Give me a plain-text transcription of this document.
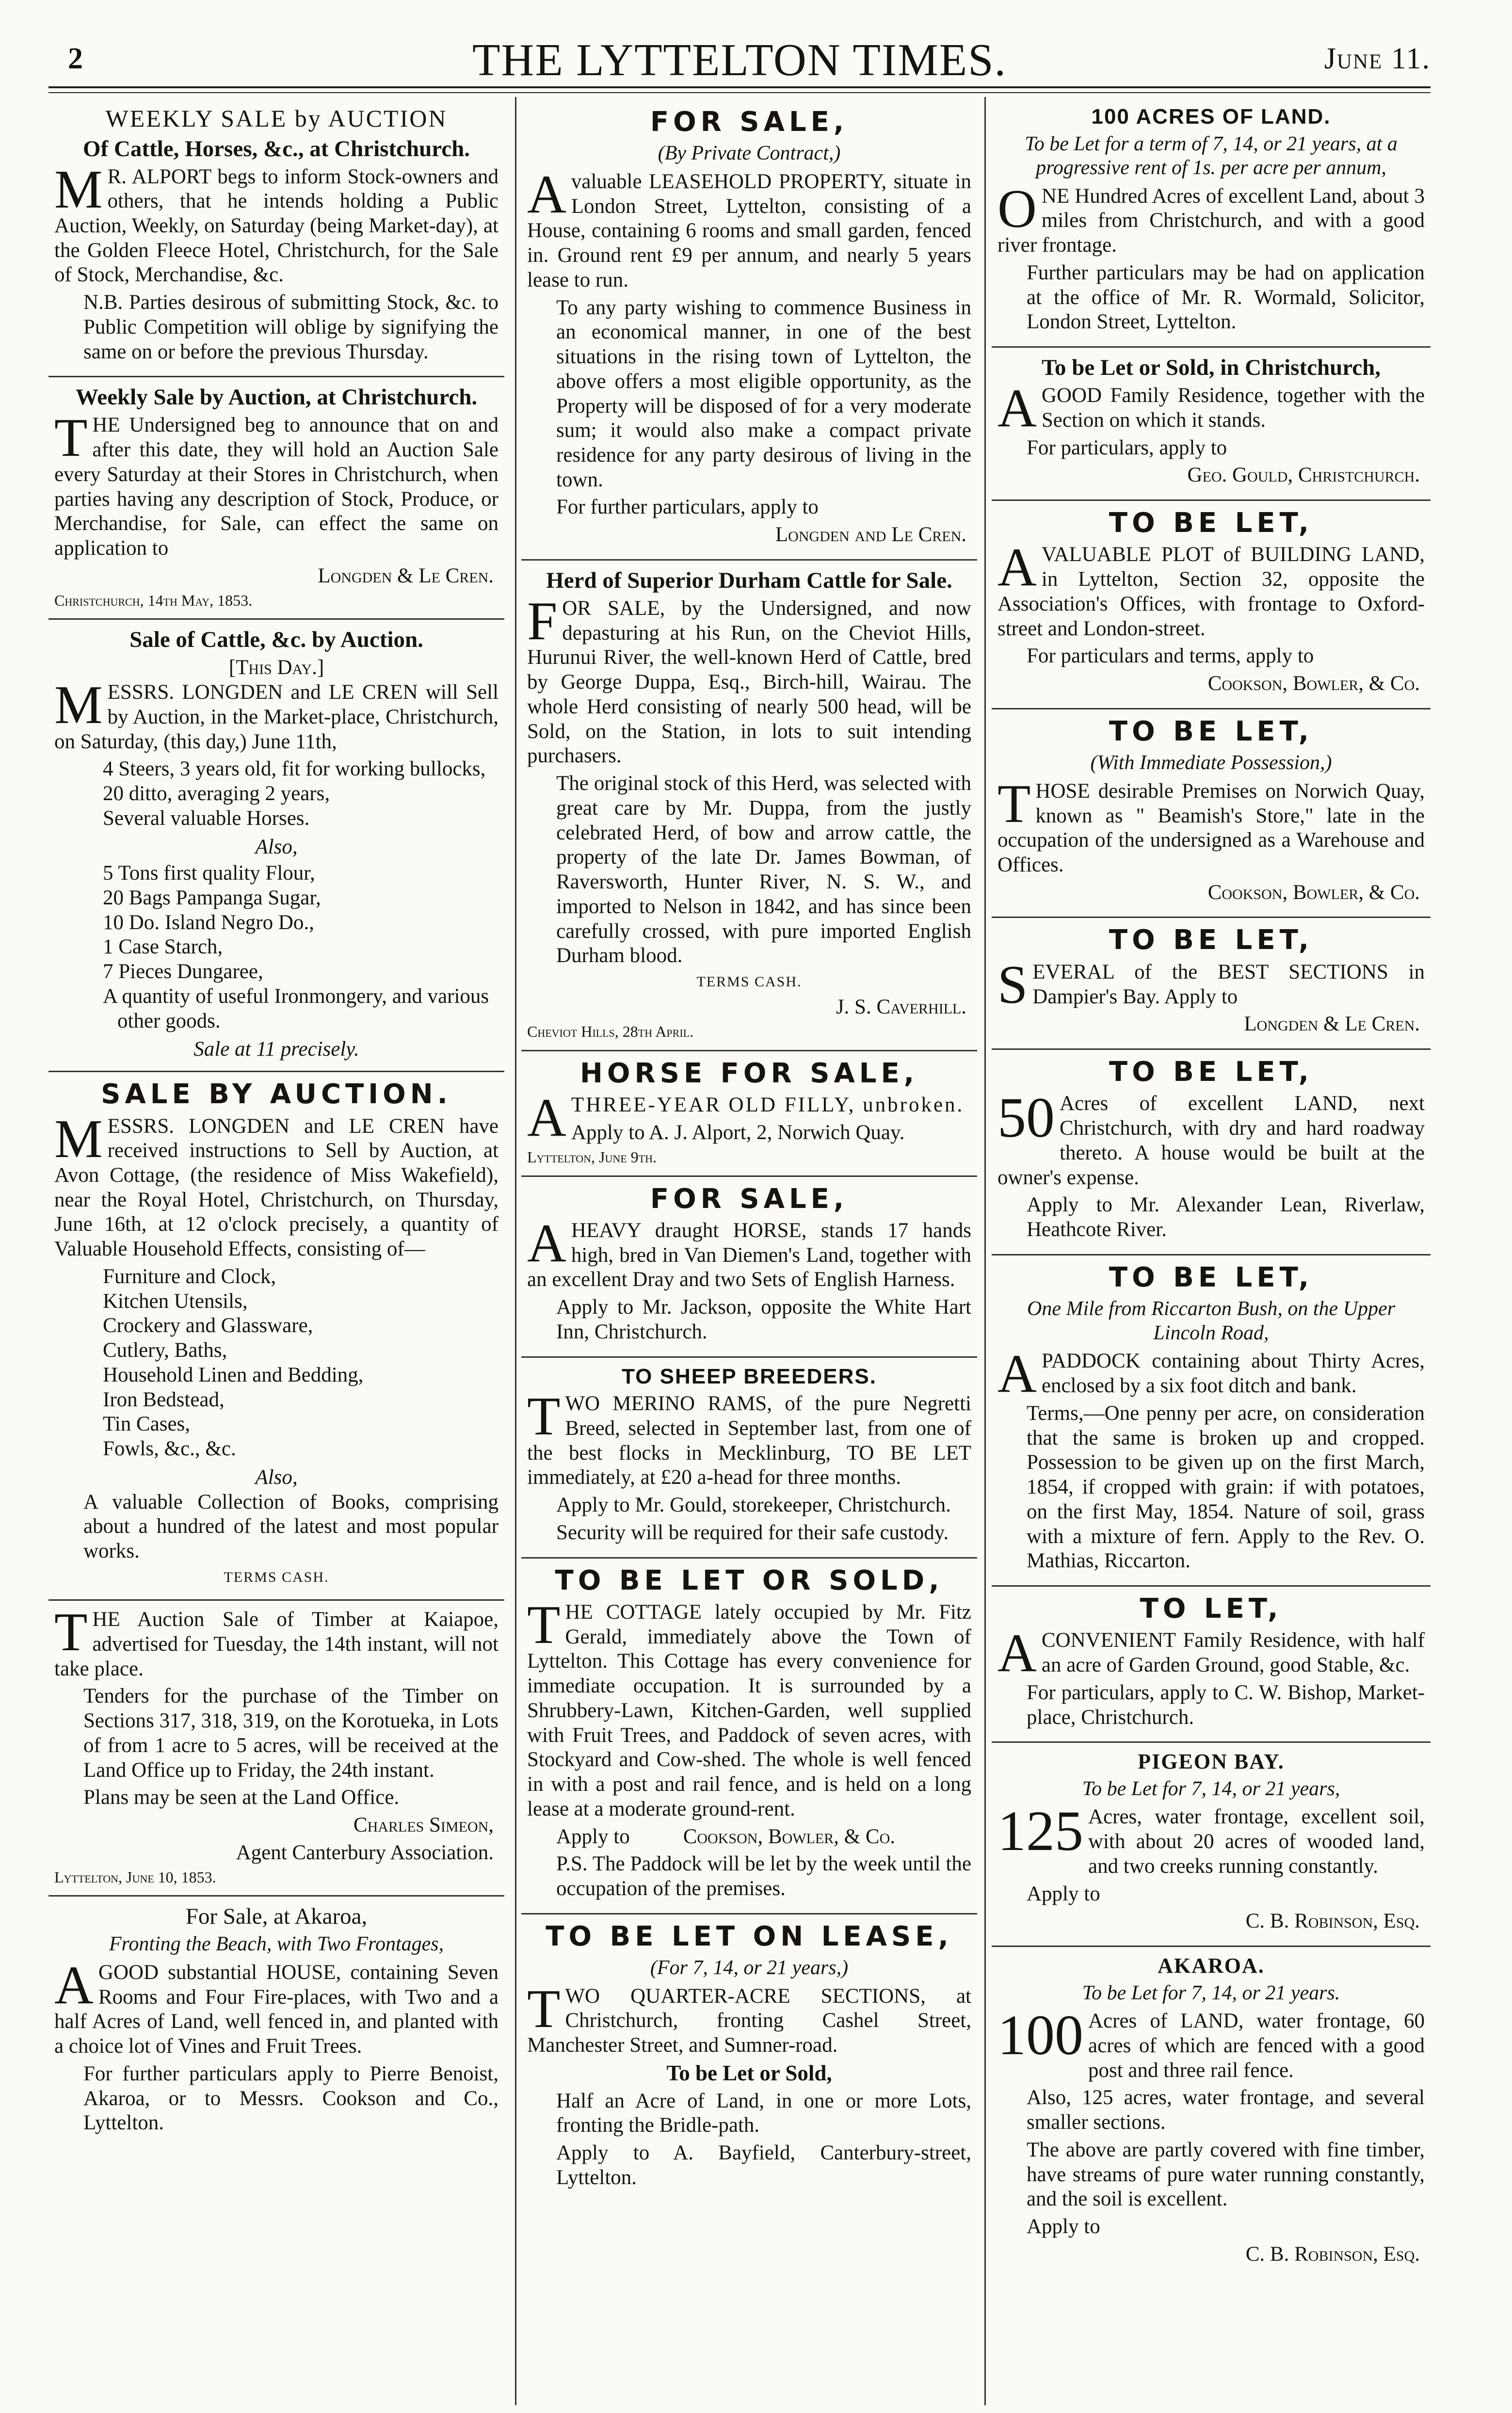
2	THE LYTTELTON TIMES.	June 11.
WEEKLY SALE by AUCTION
Of Cattle, Horses, &c., at Christchurch.

M R. ALPORT begs to inform Stock-owners and others, that he intends holding a Public Auction, Weekly, on Saturday (being Market-day), at the Golden Fleece Hotel, Christchurch, for the Sale of Stock, Merchandise, &c.

N.B. Parties desirous of submitting Stock, &c. to Public Competition will oblige by signifying the same on or before the previous Thursday.

Weekly Sale by Auction, at Christchurch.

THE Undersigned beg to announce that on and after this date, they will hold an Auction Sale every Saturday at their Stores in Christchurch, when parties having any description of Stock, Produce, or Merchandise, for Sale, can effect the same on application to

Longden & Le Cren.
Christchurch, 14th May, 1853.
Sale of Cattle, &c. by Auction.
[This Day.]

MESSRS. LONGDEN and LE CREN will Sell by Auction, in the Market-place, Christchurch, on Saturday, (this day,) June 11th,

4 Steers, 3 years old, fit for working bullocks,
20 ditto, averaging 2 years,
Several valuable Horses.
Also,
5 Tons first quality Flour,
20 Bags Pampanga Sugar,
10 Do. Island Negro Do.,
1 Case Starch,
7 Pieces Dungaree,
A quantity of useful Ironmongery, and various other goods.
Sale at 11 precisely.
SALE BY AUCTION.

MESSRS. LONGDEN and LE CREN have received instructions to Sell by Auction, at Avon Cottage, (the residence of Miss Wakefield), near the Royal Hotel, Christchurch, on Thursday, June 16th, at 12 o'clock precisely, a quantity of Valuable Household Effects, consisting of—

Furniture and Clock,
Kitchen Utensils,
Crockery and Glassware,
Cutlery, Baths,
Household Linen and Bedding,
Iron Bedstead,
Tin Cases,
Fowls, &c., &c.
Also,

A valuable Collection of Books, comprising about a hundred of the latest and most popular works.

TERMS CASH.

THE Auction Sale of Timber at Kaiapoe, advertised for Tuesday, the 14th instant, will not take place.

Tenders for the purchase of the Timber on Sections 317, 318, 319, on the Korotueka, in Lots of from 1 acre to 5 acres, will be received at the Land Office up to Friday, the 24th instant.

Plans may be seen at the Land Office.

Charles Simeon,
Agent Canterbury Association.
Lyttelton, June 10, 1853.
For Sale, at Akaroa,
Fronting the Beach, with Two Frontages,

AGOOD substantial HOUSE, containing Seven Rooms and Four Fire-places, with Two and a half Acres of Land, well fenced in, and planted with a choice lot of Vines and Fruit Trees.

For further particulars apply to Pierre Benoist, Akaroa, or to Messrs. Cookson and Co., Lyttelton.

FOR SALE,
(By Private Contract,)

Avaluable LEASEHOLD PROPERTY, situate in London Street, Lyttelton, consisting of a House, containing 6 rooms and small garden, fenced in. Ground rent £9 per annum, and nearly 5 years lease to run.

To any party wishing to commence Business in an economical manner, in one of the best situations in the rising town of Lyttelton, the above offers a most eligible opportunity, as the Property will be disposed of for a very moderate sum; it would also make a compact private residence for any party desirous of living in the town.

For further particulars, apply to

Longden and Le Cren.
Herd of Superior Durham Cattle for Sale.

FOR SALE, by the Undersigned, and now depasturing at his Run, on the Cheviot Hills, Hurunui River, the well-known Herd of Cattle, bred by George Duppa, Esq., Birch-hill, Wairau. The whole Herd consisting of nearly 500 head, will be Sold, on the Station, in lots to suit intending purchasers.

The original stock of this Herd, was selected with great care by Mr. Duppa, from the justly celebrated Herd, of bow and arrow cattle, the property of the late Dr. James Bowman, of Raversworth, Hunter River, N. S. W., and imported to Nelson in 1842, and has since been carefully crossed, with pure imported English Durham blood.

TERMS CASH.
J. S. Caverhill.
Cheviot Hills, 28th April.
HORSE FOR SALE,

ATHREE-YEAR OLD FILLY, unbroken.

Apply to A. J. Alport, 2, Norwich Quay.

Lyttelton, June 9th.
FOR SALE,

AHEAVY draught HORSE, stands 17 hands high, bred in Van Diemen's Land, together with an excellent Dray and two Sets of English Harness.

Apply to Mr. Jackson, opposite the White Hart Inn, Christchurch.

TO SHEEP BREEDERS.

TWO MERINO RAMS, of the pure Negretti Breed, selected in September last, from one of the best flocks in Mecklinburg, TO BE LET immediately, at £20 a-head for three months.

Apply to Mr. Gould, storekeeper, Christchurch.

Security will be required for their safe custody.

TO BE LET OR SOLD,

THE COTTAGE lately occupied by Mr. Fitz Gerald, immediately above the Town of Lyttelton. This Cottage has every convenience for immediate occupation. It is surrounded by a Shrubbery-Lawn, Kitchen-Garden, well supplied with Fruit Trees, and Paddock of seven acres, with Stockyard and Cow-shed. The whole is well fenced in with a post and rail fence, and is held on a long lease at a moderate ground-rent.

Apply to	Cookson, Bowler, & Co.

P.S. The Paddock will be let by the week until the occupation of the premises.

TO BE LET ON LEASE,
(For 7, 14, or 21 years,)

TWO QUARTER-ACRE SECTIONS, at Christchurch, fronting Cashel Street, Manchester Street, and Sumner-road.

To be Let or Sold,

Half an Acre of Land, in one or more Lots, fronting the Bridle-path.

Apply to A. Bayfield, Canterbury-street, Lyttelton.

100 ACRES OF LAND.
To be Let for a term of 7, 14, or 21 years, at a progressive rent of 1s. per acre per annum,

ONE Hundred Acres of excellent Land, about 3 miles from Christchurch, and with a good river frontage.

Further particulars may be had on application at the office of Mr. R. Wormald, Solicitor, London Street, Lyttelton.

To be Let or Sold, in Christchurch,

AGOOD Family Residence, together with the Section on which it stands.

For particulars, apply to

Geo. Gould, Christchurch.
TO BE LET,

AVALUABLE PLOT of BUILDING LAND, in Lyttelton, Section 32, opposite the Association's Offices, with frontage to Oxford-street and London-street.

For particulars and terms, apply to

Cookson, Bowler, & Co.
TO BE LET,
(With Immediate Possession,)

THOSE desirable Premises on Norwich Quay, known as " Beamish's Store," late in the occupation of the undersigned as a Warehouse and Offices.

Cookson, Bowler, & Co.
TO BE LET,

SEVERAL of the BEST SECTIONS in Dampier's Bay. Apply to

Longden & Le Cren.
TO BE LET,

50 Acres of excellent LAND, next Christchurch, with dry and hard roadway thereto. A house would be built at the owner's expense.

Apply to Mr. Alexander Lean, Riverlaw, Heathcote River.

TO BE LET,
One Mile from Riccarton Bush, on the Upper Lincoln Road,

APADDOCK containing about Thirty Acres, enclosed by a six foot ditch and bank.

Terms,—One penny per acre, on consideration that the same is broken up and cropped. Possession to be given up on the first March, 1854, if cropped with grain: if with potatoes, on the first May, 1854. Nature of soil, grass with a mixture of fern. Apply to the Rev. O. Mathias, Riccarton.

TO LET,

ACONVENIENT Family Residence, with half an acre of Garden Ground, good Stable, &c.

For particulars, apply to C. W. Bishop, Market-place, Christchurch.

PIGEON BAY.
To be Let for 7, 14, or 21 years,

125 Acres, water frontage, excellent soil, with about 20 acres of wooded land, and two creeks running constantly.

Apply to

C. B. Robinson, Esq.
AKAROA.
To be Let for 7, 14, or 21 years.

100 Acres of LAND, water frontage, 60 acres of which are fenced with a good post and three rail fence.

Also, 125 acres, water frontage, and several smaller sections.

The above are partly covered with fine timber, have streams of pure water running constantly, and the soil is excellent.

Apply to

C. B. Robinson, Esq.
